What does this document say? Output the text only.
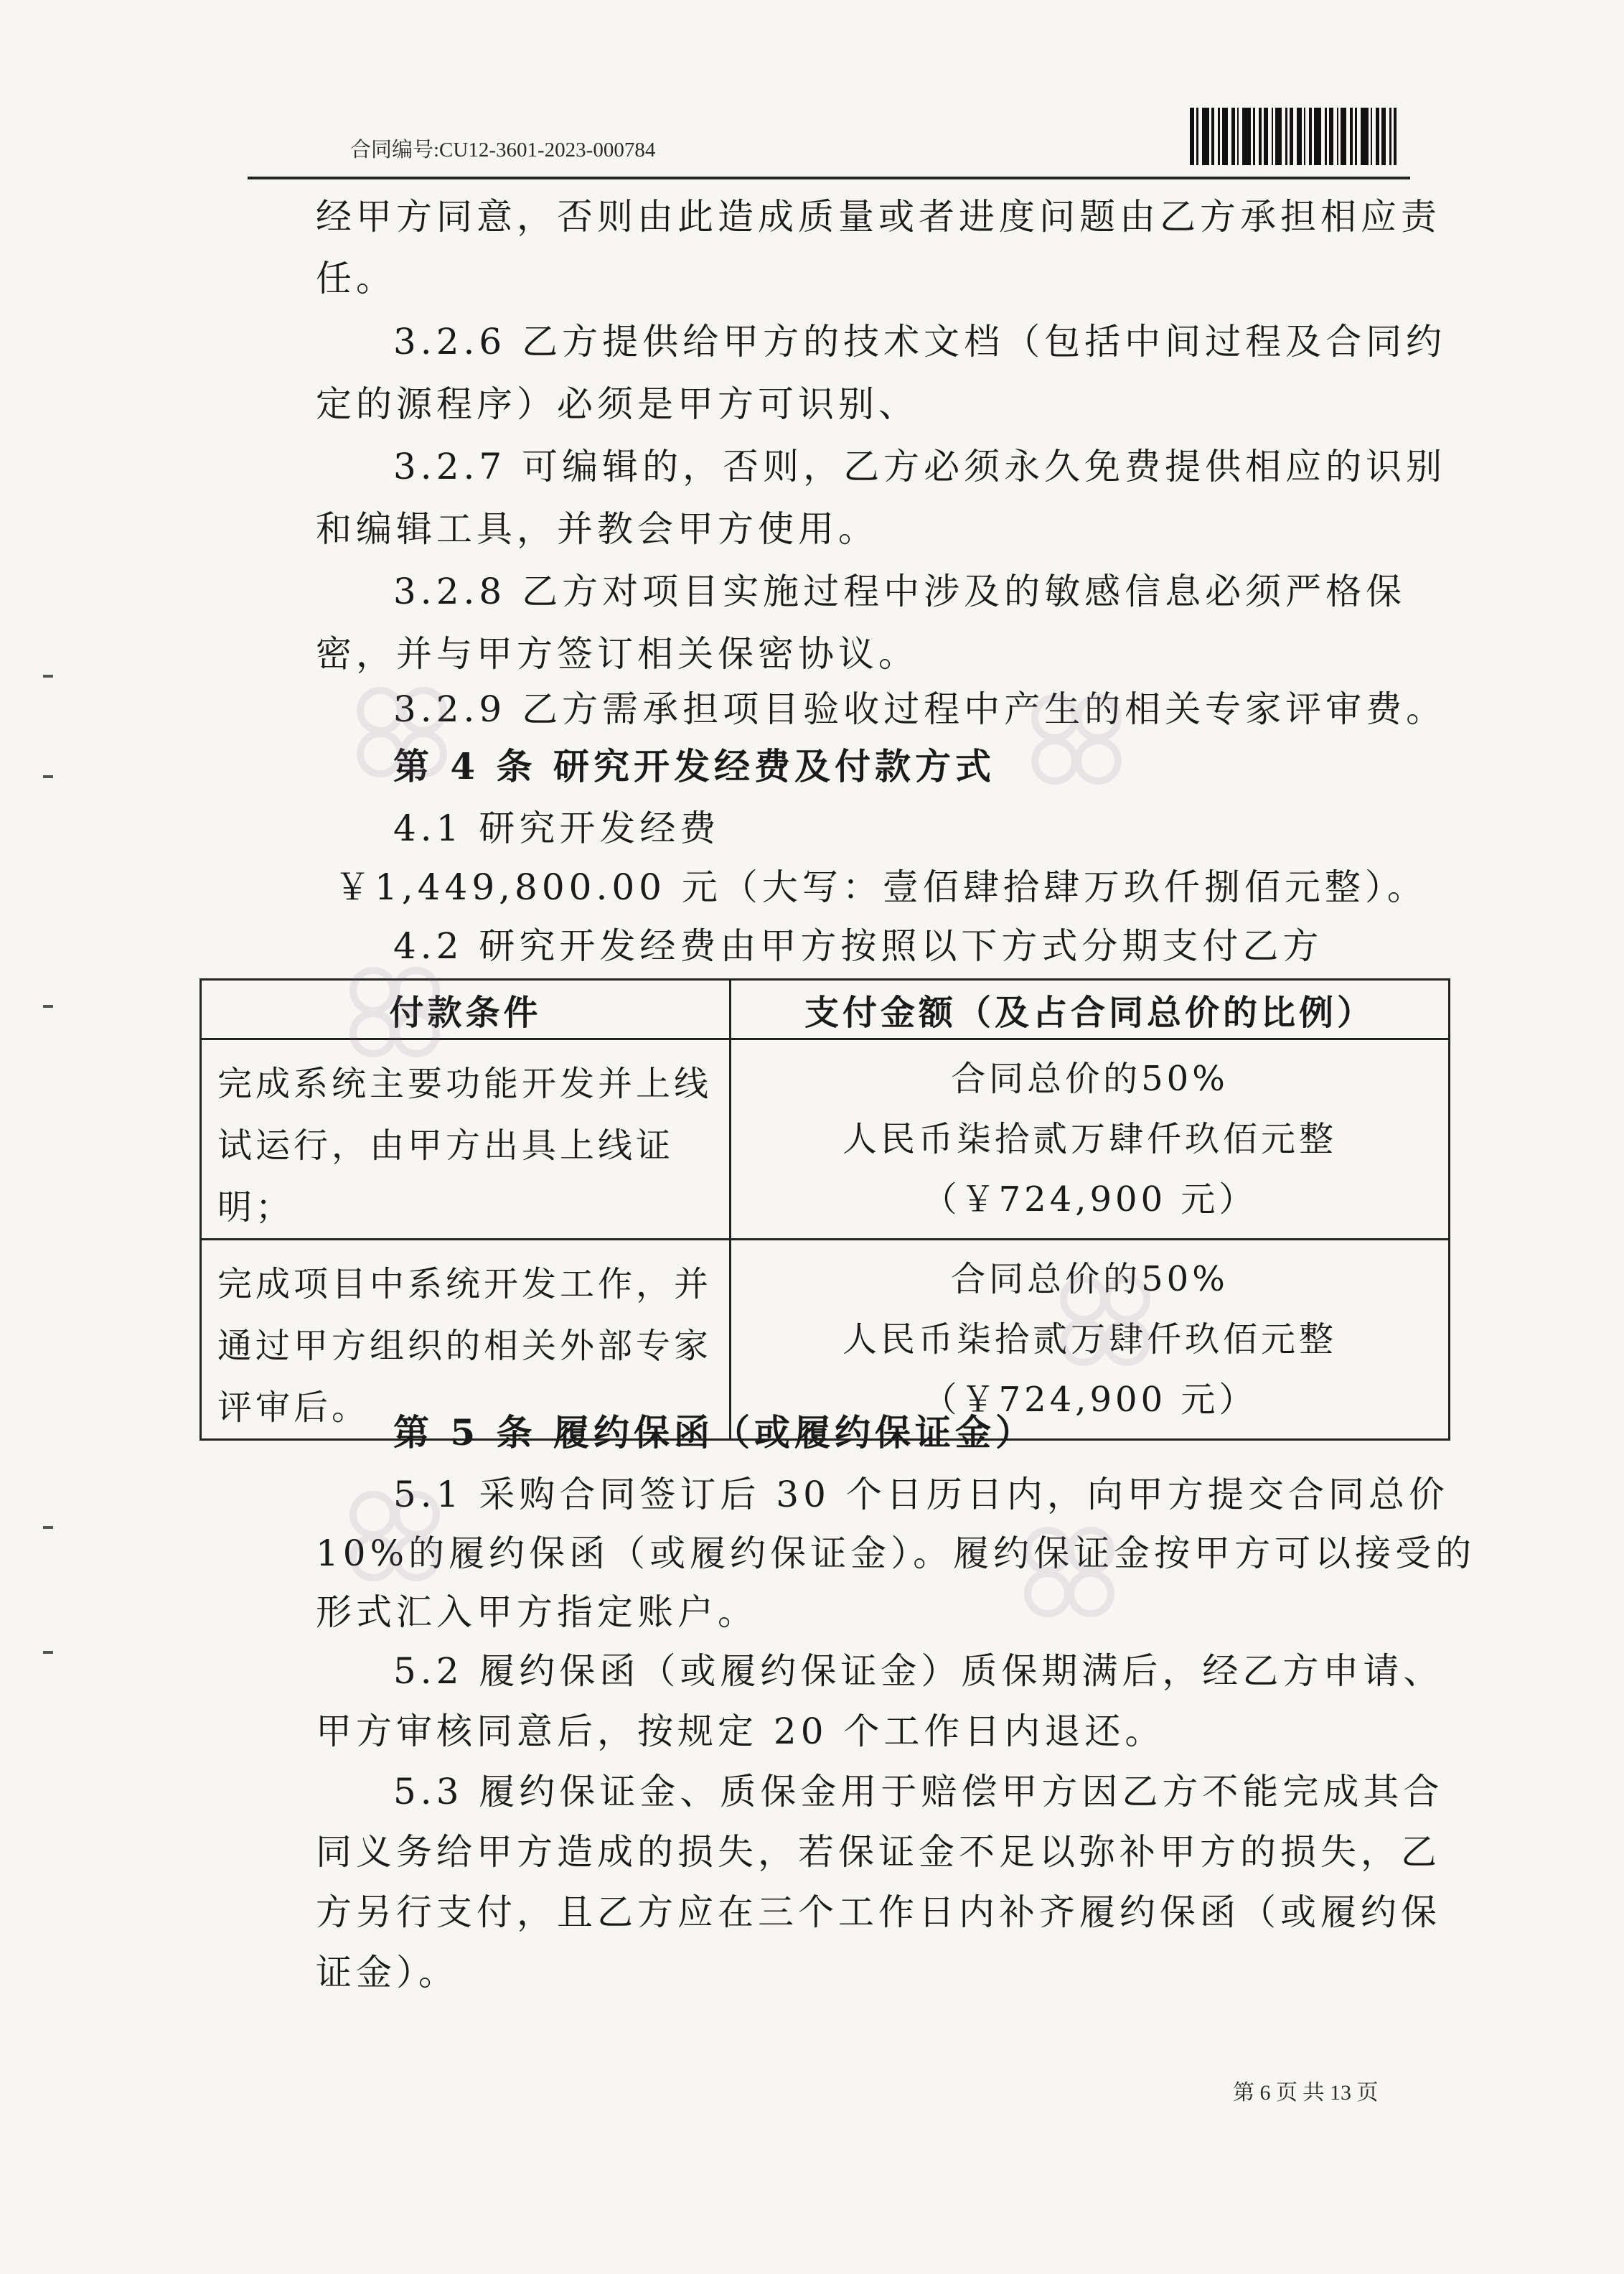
合同编号:CU12-3601-2023-000784
经甲方同意，否则由此造成质量或者进度问题由乙方承担相应责
任。
3.2.6 乙方提供给甲方的技术文档（包括中间过程及合同约
定的源程序）必须是甲方可识别、
3.2.7 可编辑的，否则，乙方必须永久免费提供相应的识别
和编辑工具，并教会甲方使用。
3.2.8 乙方对项目实施过程中涉及的敏感信息必须严格保
密，并与甲方签订相关保密协议。
3.2.9 乙方需承担项目验收过程中产生的相关专家评审费。
第 4 条 研究开发经费及付款方式
4.1 研究开发经费
￥1,449,800.00 元（大写：壹佰肆拾肆万玖仟捌佰元整）。
4.2 研究开发经费由甲方按照以下方式分期支付乙方
付款条件	支付金额（及占合同总价的比例）
完成系统主要功能开发并上线试运行，由甲方出具上线证明；	合同总价的50%
人民币柒拾贰万肆仟玖佰元整
（￥724,900 元）

完成项目中系统开发工作，并通过甲方组织的相关外部专家评审后。	合同总价的50%
人民币柒拾贰万肆仟玖佰元整
（￥724,900 元）
第 5 条 履约保函（或履约保证金）
5.1 采购合同签订后 30 个日历日内，向甲方提交合同总价
10%的履约保函（或履约保证金）。履约保证金按甲方可以接受的
形式汇入甲方指定账户。
5.2 履约保函（或履约保证金）质保期满后，经乙方申请、
甲方审核同意后，按规定 20 个工作日内退还。
5.3 履约保证金、质保金用于赔偿甲方因乙方不能完成其合
同义务给甲方造成的损失，若保证金不足以弥补甲方的损失，乙
方另行支付，且乙方应在三个工作日内补齐履约保函（或履约保
证金）。
第 6 页 共 13 页
